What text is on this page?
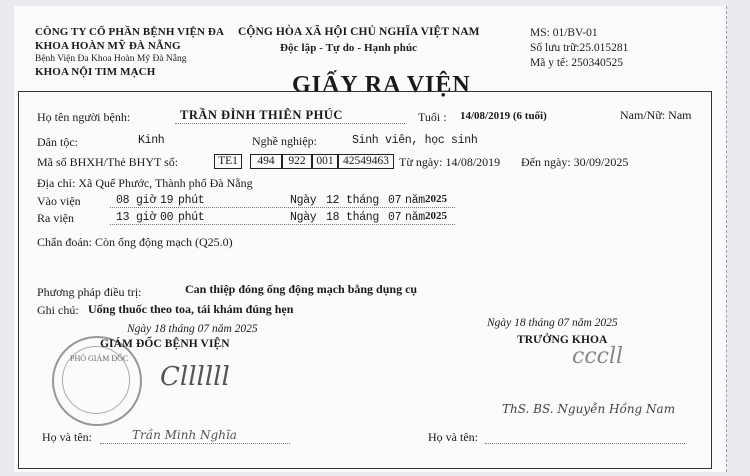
CÔNG TY CỔ PHẦN BỆNH VIỆN ĐA
KHOA HOÀN MỸ ĐÀ NẴNG
Bệnh Viện Đa Khoa Hoàn Mỹ Đà Nẵng
KHOA NỘI TIM MẠCH
CỘNG HÒA XÃ HỘI CHỦ NGHĨA VIỆT NAM
Độc lập - Tự do - Hạnh phúc
MS: 01/BV-01
Số lưu trữ:25.015281
Mã y tế: 250340525
GIẤY RA VIỆN
Họ tên người bệnh:	TRẦN ĐÌNH THIÊN PHÚC	Tuổi : 14/08/2019 (6 tuổi)	Nam/Nữ: Nam
Dân tộc:	Kinh	Nghề nghiệp:	Sinh viên, học sinh
Mã số BHXH/Thẻ BHYT số:	TE1	494	922 001 42549463 Từ ngày: 14/08/2019 Đến ngày: 30/09/2025
Địa chỉ: Xã Quế Phước, Thành phố Đà Nẵng
Vào viện	08 giờ 19 phút	Ngày 12 tháng 07 năm 2025
Ra viện	13 giờ 00 phút	Ngày 18 tháng 07 năm 2025
Chẩn đoán: Còn ống động mạch (Q25.0)
Phương pháp điều trị:	Can thiệp đóng ống động mạch bằng dụng cụ
Ghi chú: Uống thuốc theo toa, tái khám đúng hẹn
Ngày 18 tháng 07 năm 2025
PHÓ GIÁM ĐỐC
GIÁM ĐỐC BỆNH VIỆN
Cllllll
Họ và tên:	Trần Minh Nghĩa
Ngày 18 tháng 07 năm 2025
TRƯỞNG KHOA
cccll
ThS. BS. Nguyễn Hồng Nam
Họ và tên:
